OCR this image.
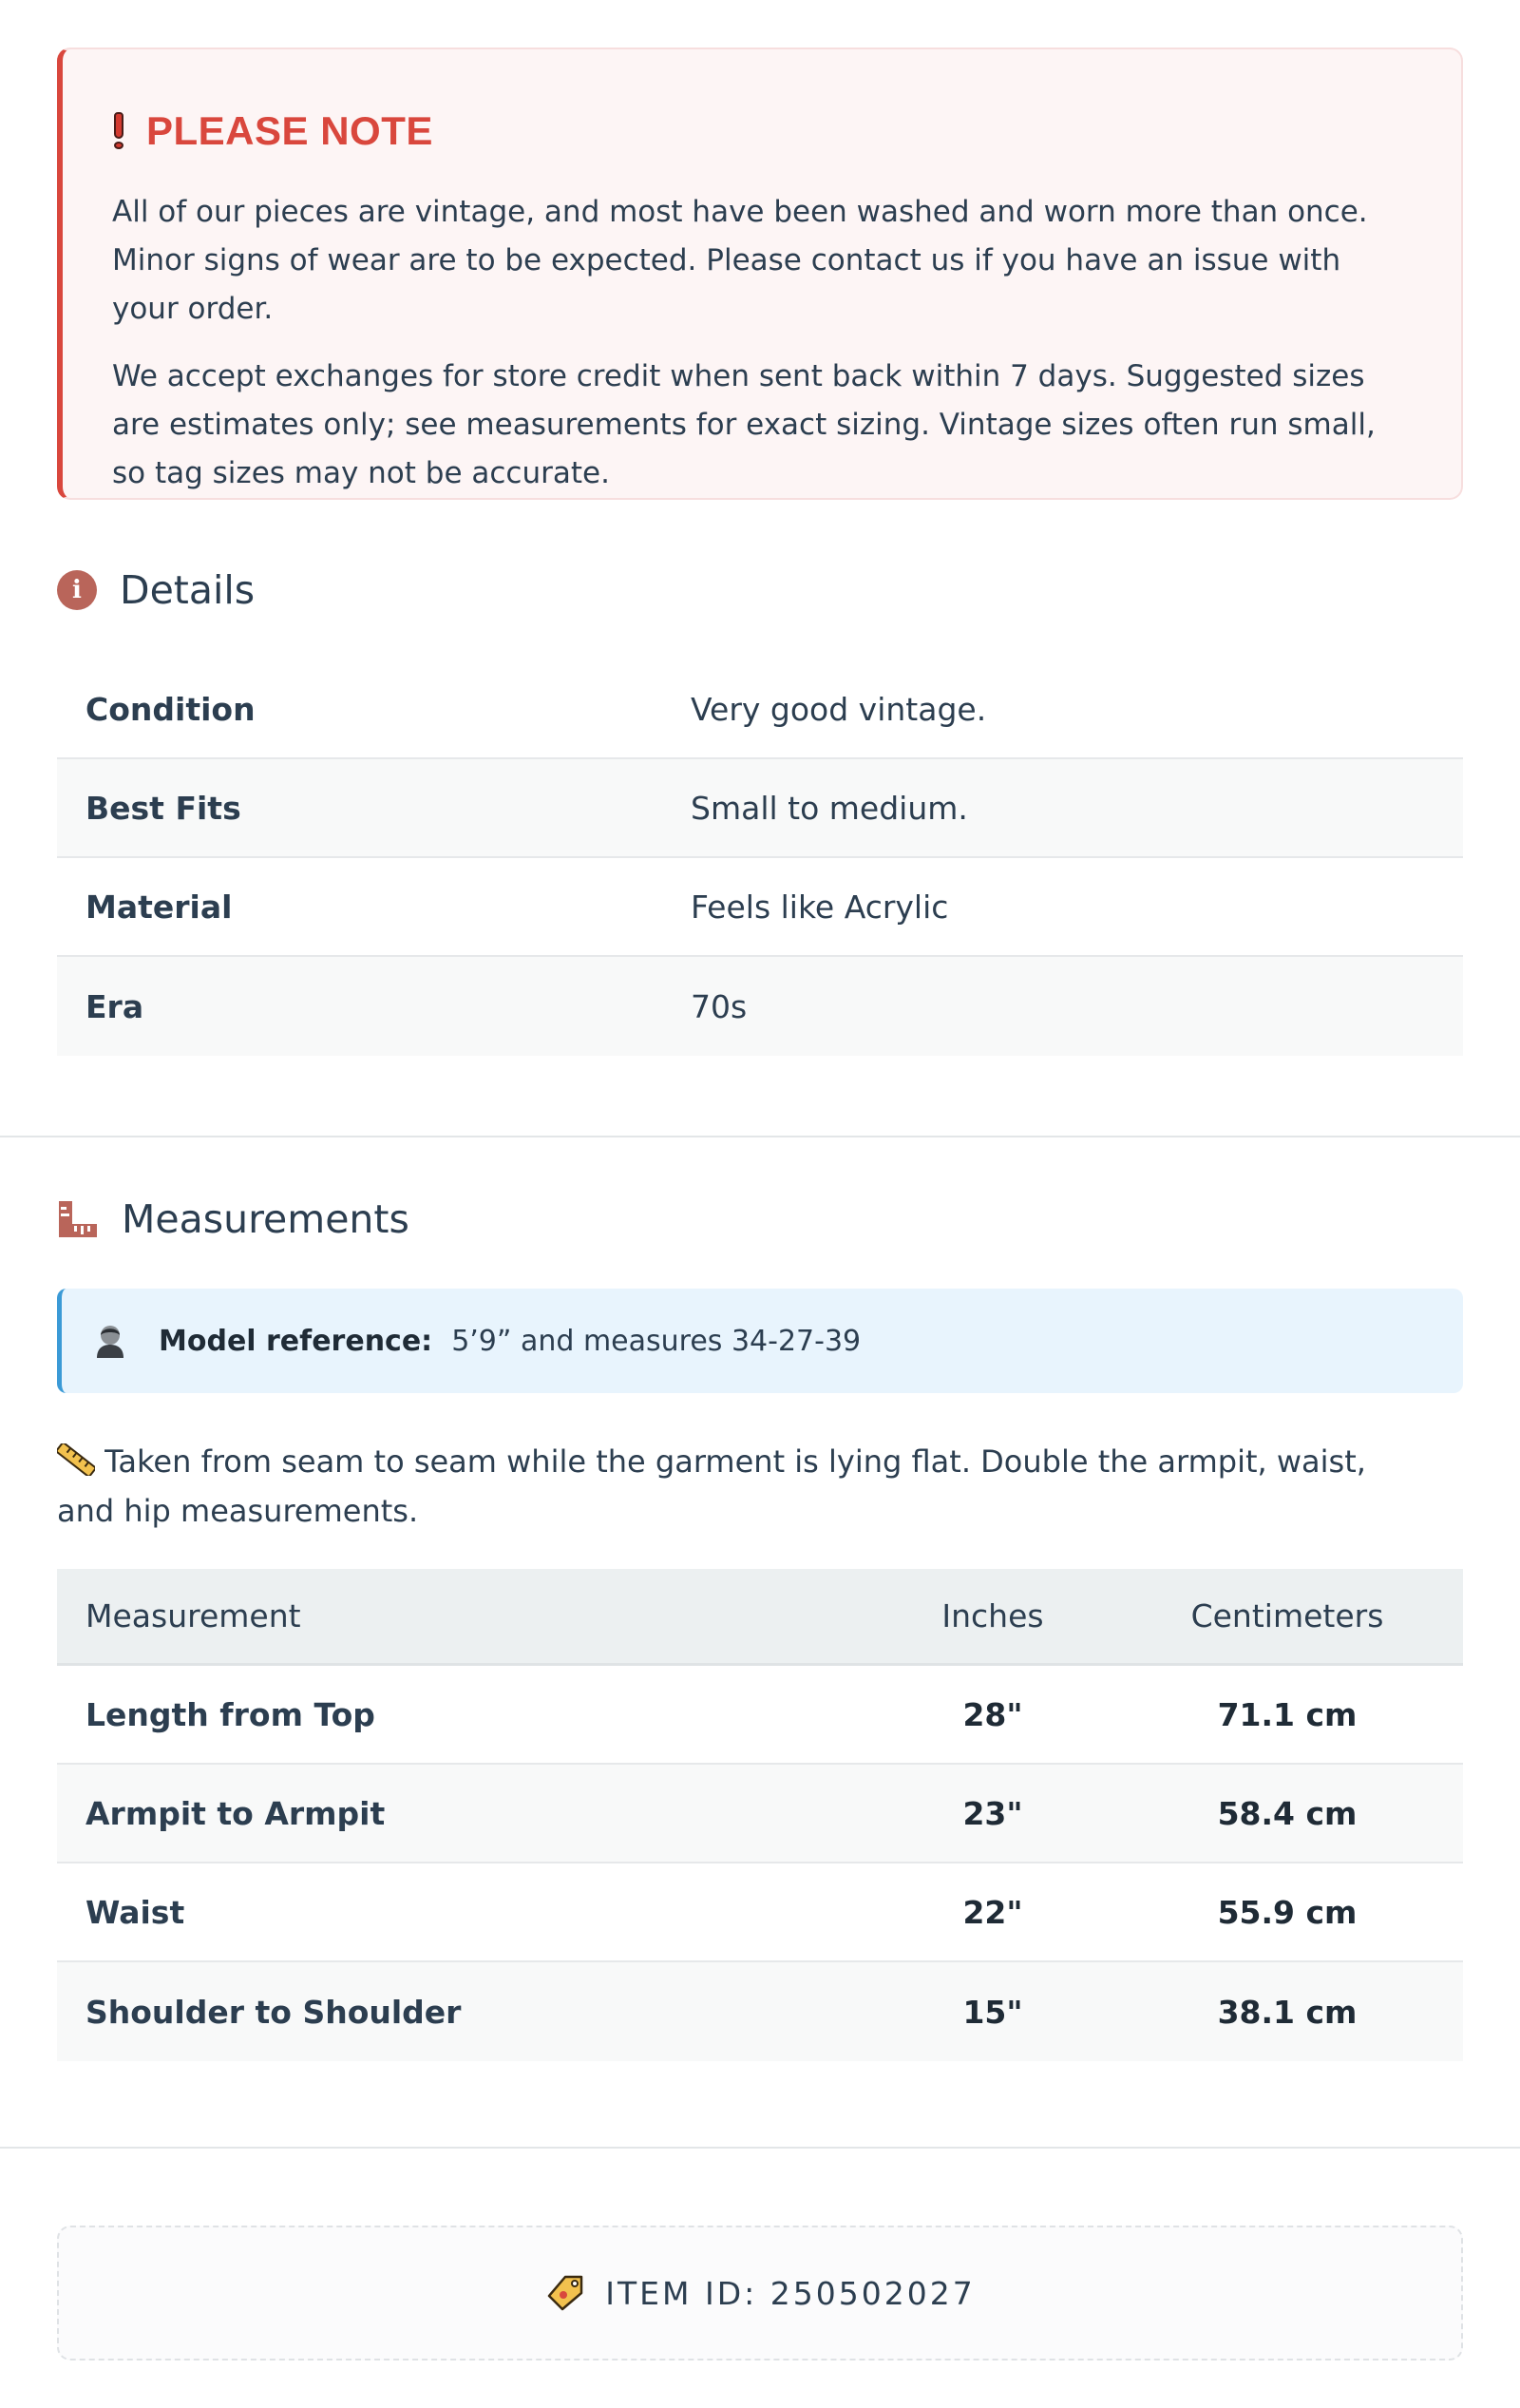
PLEASE NOTE

All of our pieces are vintage, and most have been washed and worn more than once. Minor signs of wear are to be expected. Please contact us if you have an issue with your order.

We accept exchanges for store credit when sent back within 7 days. Suggested sizes are estimates only; see measurements for exact sizing. Vintage sizes often run small, so tag sizes may not be accurate.

i Details
Condition	Very good vintage.
Best Fits	Small to medium.
Material	Feels like Acrylic
Era	70s
Measurements
Model reference: 5’9” and measures 34-27-39
Taken from seam to seam while the garment is lying flat. Double the armpit, waist, and hip measurements.
Measurement	Inches	Centimeters
Length from Top	28"	71.1 cm
Armpit to Armpit	23"	58.4 cm
Waist	22"	55.9 cm
Shoulder to Shoulder	15"	38.1 cm
ITEM ID: 250502027
